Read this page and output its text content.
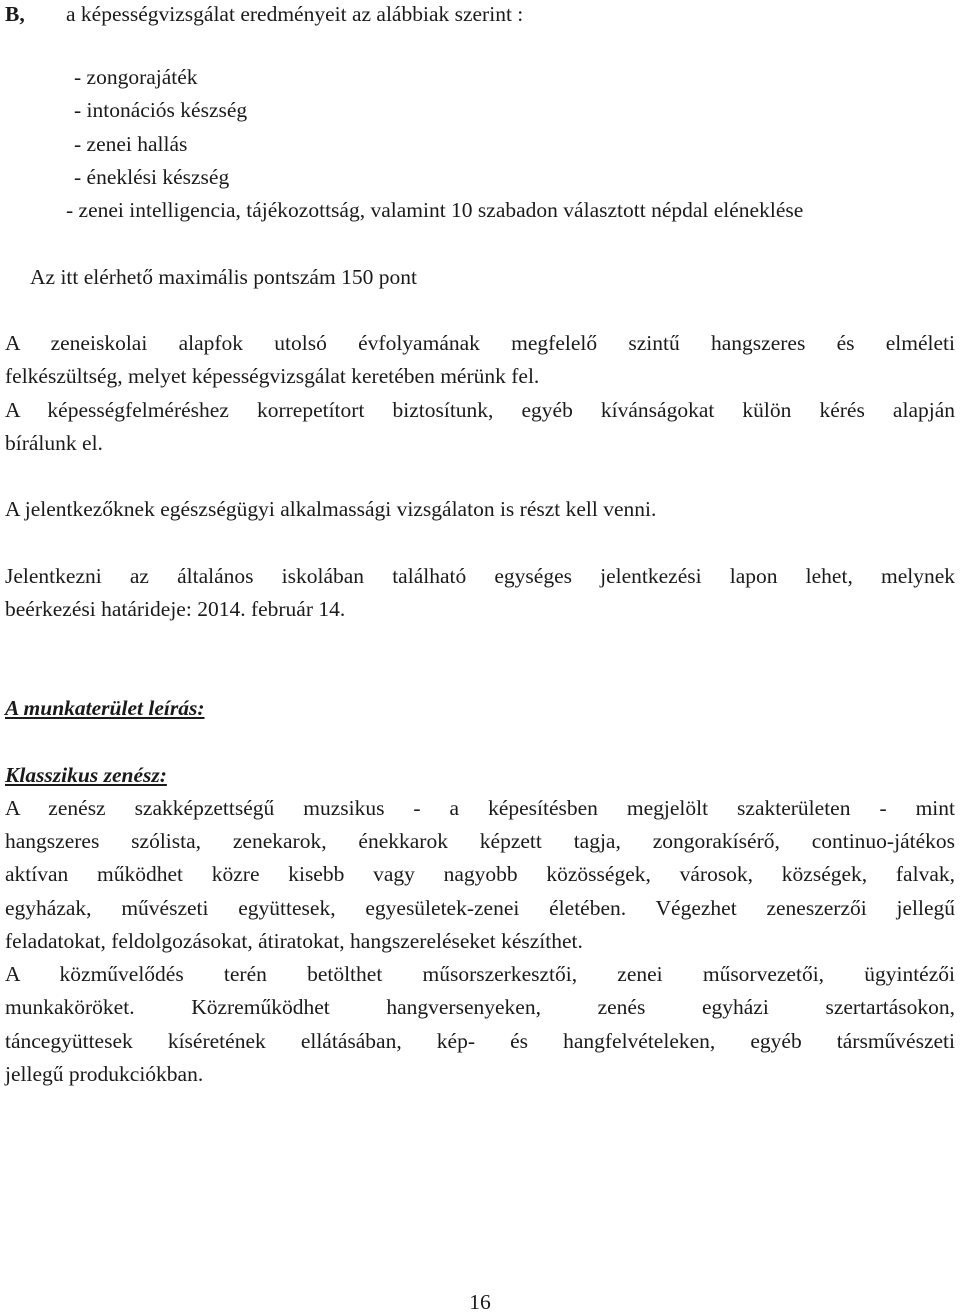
B, a képességvizsgálat eredményeit az alábbiak szerint :
- zongorajáték
- intonációs készség
- zenei hallás
- éneklési készség
- zenei intelligencia, tájékozottság, valamint 10 szabadon választott népdal eléneklése
Az itt elérhető maximális pontszám 150 pont
A zeneiskolai alapfok utolsó évfolyamának megfelelő szintű hangszeres és elméleti
felkészültség, melyet képességvizsgálat keretében mérünk fel.
A képességfelméréshez korrepetítort biztosítunk, egyéb kívánságokat külön kérés alapján
bírálunk el.
A jelentkezőknek egészségügyi alkalmassági vizsgálaton is részt kell venni.
Jelentkezni az általános iskolában található egységes jelentkezési lapon lehet, melynek
beérkezési határideje: 2014. február 14.
A munkaterület leírás:
Klasszikus zenész:
A zenész szakképzettségű muzsikus - a képesítésben megjelölt szakterületen - mint
hangszeres szólista, zenekarok, énekkarok képzett tagja, zongorakísérő, continuo-játékos
aktívan működhet közre kisebb vagy nagyobb közösségek, városok, községek, falvak,
egyházak, művészeti együttesek, egyesületek-zenei életében. Végezhet zeneszerzői jellegű
feladatokat, feldolgozásokat, átiratokat, hangszereléseket készíthet.
A közművelődés terén betölthet műsorszerkesztői, zenei műsorvezetői, ügyintézői
munkaköröket. Közreműködhet hangversenyeken, zenés egyházi szertartásokon,
táncegyüttesek kíséretének ellátásában, kép- és hangfelvételeken, egyéb társművészeti
jellegű produkciókban.
16
